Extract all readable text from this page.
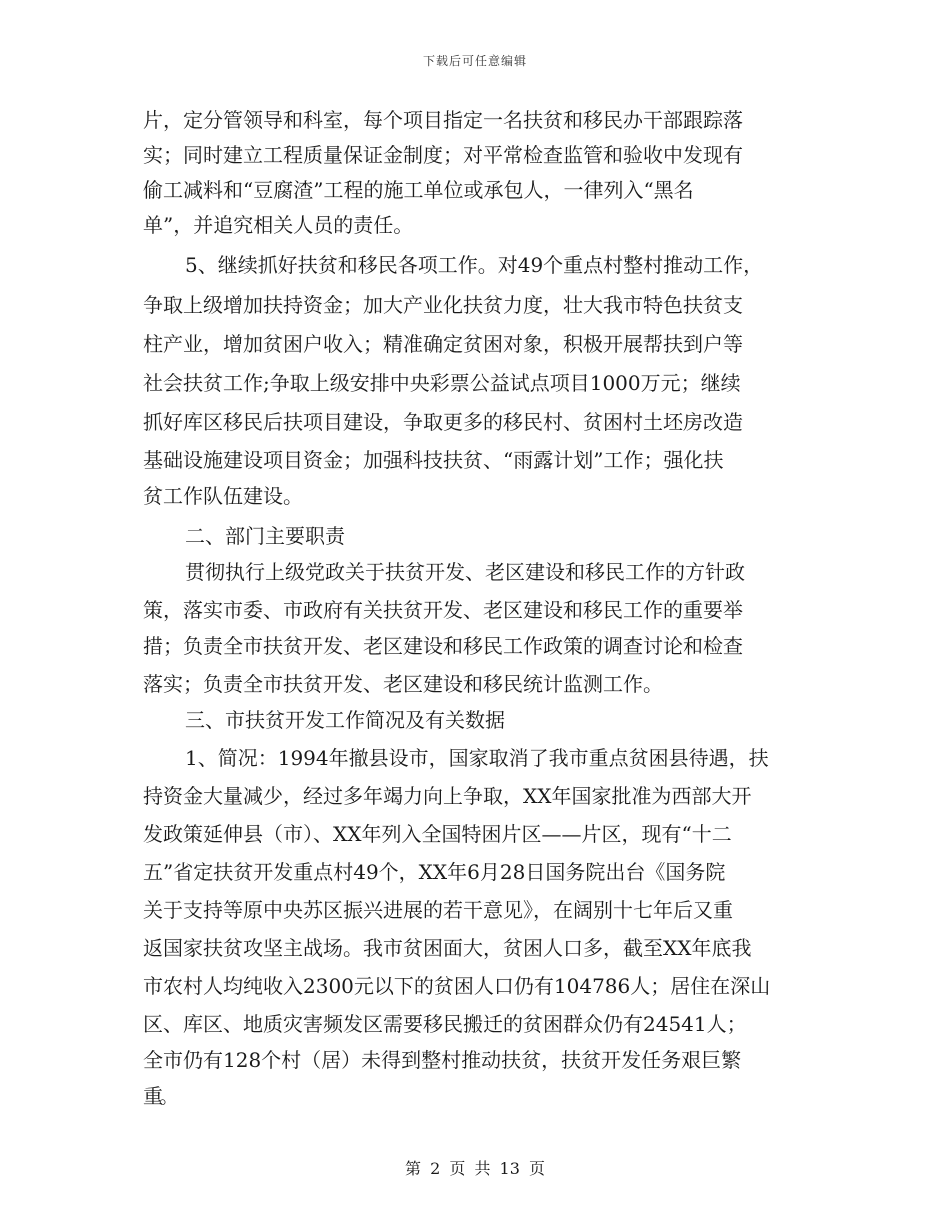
下载后可任意编辑
片，定分管领导和科室，每个项目指定一名扶贫和移民办干部跟踪落
实；同时建立工程质量保证金制度；对平常检查监管和验收中发现有
偷工减料和“豆腐渣”工程的施工单位或承包人，一律列入“黑名
单”，并追究相关人员的责任。
5、继续抓好扶贫和移民各项工作。对49个重点村整村推动工作，
争取上级增加扶持资金；加大产业化扶贫力度，壮大我市特色扶贫支
柱产业，增加贫困户收入；精准确定贫困对象，积极开展帮扶到户等
社会扶贫工作;争取上级安排中央彩票公益试点项目1000万元；继续
抓好库区移民后扶项目建设，争取更多的移民村、贫困村土坯房改造
基础设施建设项目资金；加强科技扶贫、“雨露计划”工作；强化扶
贫工作队伍建设。
二、部门主要职责
贯彻执行上级党政关于扶贫开发、老区建设和移民工作的方针政
策，落实市委、市政府有关扶贫开发、老区建设和移民工作的重要举
措；负责全市扶贫开发、老区建设和移民工作政策的调查讨论和检查
落实；负责全市扶贫开发、老区建设和移民统计监测工作。
三、市扶贫开发工作简况及有关数据
1、简况：1994年撤县设市，国家取消了我市重点贫困县待遇，扶
持资金大量减少，经过多年竭力向上争取，XX年国家批准为西部大开
发政策延伸县（市）、XX年列入全国特困片区——片区，现有“十二
五”省定扶贫开发重点村49个，XX年6月28日国务院出台《国务院
关于支持等原中央苏区振兴进展的若干意见》，在阔别十七年后又重
返国家扶贫攻坚主战场。我市贫困面大，贫困人口多，截至XX年底我
市农村人均纯收入2300元以下的贫困人口仍有104786人；居住在深山
区、库区、地质灾害频发区需要移民搬迁的贫困群众仍有24541人；
全市仍有128个村（居）未得到整村推动扶贫，扶贫开发任务艰巨繁
重。
第 2 页 共 13 页
